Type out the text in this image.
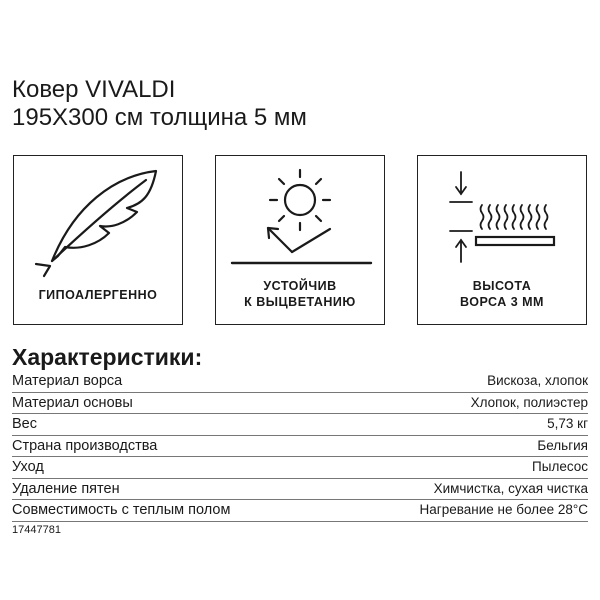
Ковер VIVALDI
195Х300 см толщина 5 мм
ГИПОАЛЕРГЕННО
УСТОЙЧИВ
К ВЫЦВЕТАНИЮ
ВЫСОТА
ВОРСА 3 ММ
Характеристики:
Материал ворса	Вискоза, хлопок
Материал основы	Хлопок, полиэстер
Вес	5,73 кг
Страна производства	Бельгия
Уход	Пылесос
Удаление пятен	Химчистка, сухая чистка
Совместимость с теплым полом	Нагревание не более 28°С
17447781
